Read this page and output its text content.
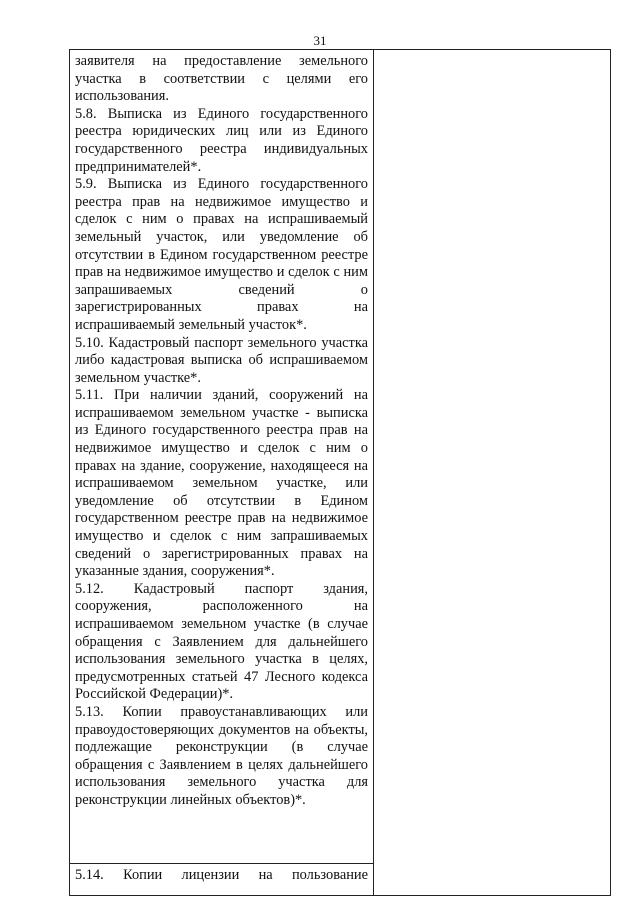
31

заявителя на предоставление земельного участка в соответствии с целями его использования.

5.8. Выписка из Единого государственного реестра юридических лиц или из Единого государственного реестра индивидуальных предпринимателей*.

5.9. Выписка из Единого государственного реестра прав на недвижимое имущество и сделок с ним о правах на испрашиваемый земельный участок, или уведомление об отсутствии в Едином государственном реестре прав на недвижимое имущество и сделок с ним запрашиваемых сведений о зарегистрированных правах на испрашиваемый земельный участок*.

5.10. Кадастровый паспорт земельного участка либо кадастровая выписка об испрашиваемом земельном участке*.

5.11. При наличии зданий, сооружений на испрашиваемом земельном участке - выписка из Единого государственного реестра прав на недвижимое имущество и сделок с ним о правах на здание, сооружение, находящееся на испрашиваемом земельном участке, или уведомление об отсутствии в Едином государственном реестре прав на недвижимое имущество и сделок с ним запрашиваемых сведений о зарегистрированных правах на указанные здания, сооружения*.

5.12. Кадастровый паспорт здания, сооружения, расположенного на испрашиваемом земельном участке (в случае обращения с Заявлением для дальнейшего использования земельного участка в целях, предусмотренных статьей 47 Лесного кодекса Российской Федерации)*.

5.13. Копии правоустанавливающих или правоудостоверяющих документов на объекты, подлежащие реконструкции (в случае обращения с Заявлением в целях дальнейшего использования земельного участка для реконструкции линейных объектов)*.

5.14. Копии лицензии на пользование
